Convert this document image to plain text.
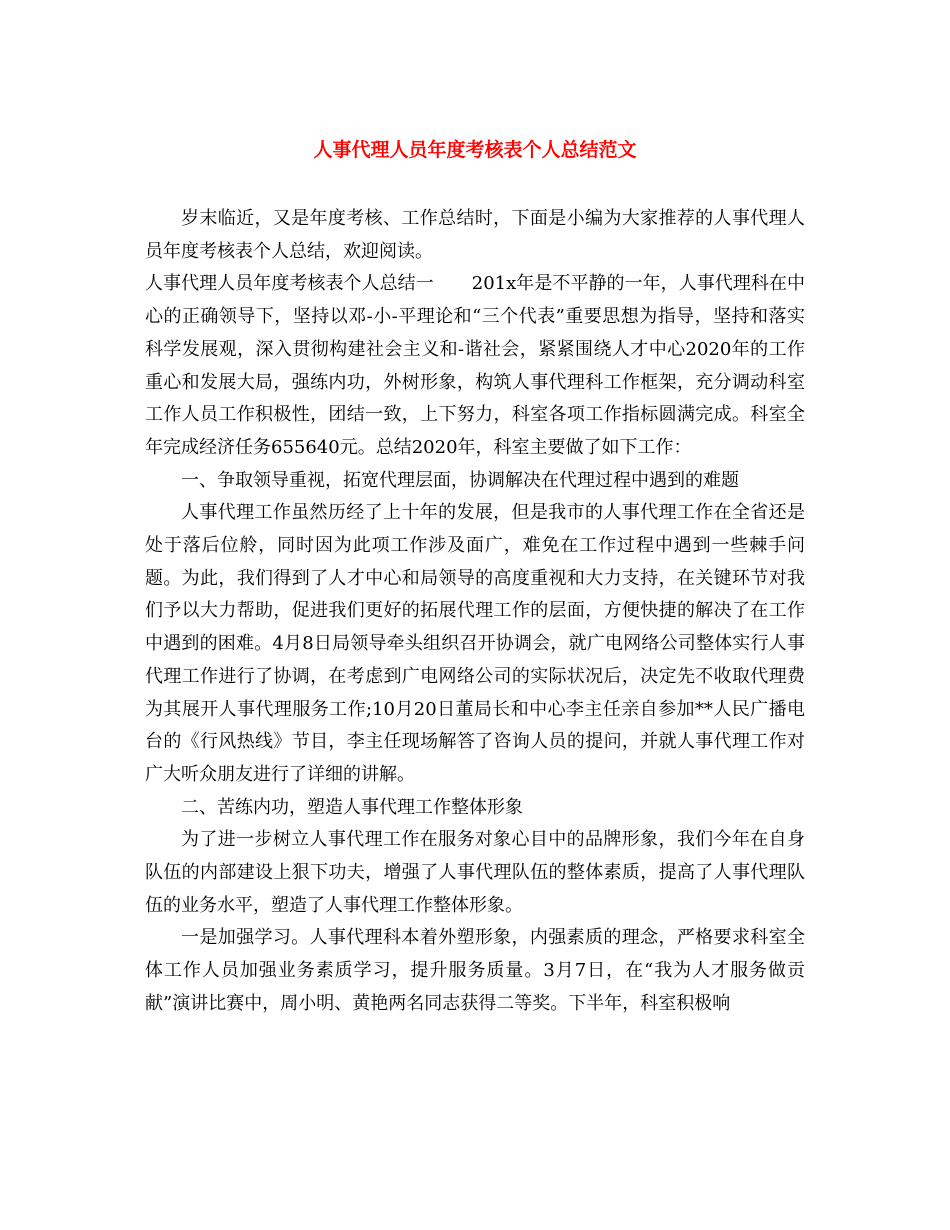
人事代理人员年度考核表个人总结范文

岁末临近，又是年度考核、工作总结时，下面是小编为大家推荐的人事代理人员年度考核表个人总结，欢迎阅读。

人事代理人员年度考核表个人总结一 201x年是不平静的一年，人事代理科在中心的正确领导下，坚持以邓-小-平理论和“三个代表”重要思想为指导，坚持和落实科学发展观，深入贯彻构建社会主义和-谐社会，紧紧围绕人才中心2020年的工作重心和发展大局，强练内功，外树形象，构筑人事代理科工作框架，充分调动科室工作人员工作积极性，团结一致，上下努力，科室各项工作指标圆满完成。科室全年完成经济任务655640元。总结2020年，科室主要做了如下工作：

一、争取领导重视，拓宽代理层面，协调解决在代理过程中遇到的难题

人事代理工作虽然历经了上十年的发展，但是我市的人事代理工作在全省还是处于落后位舲，同时因为此项工作涉及面广，难免在工作过程中遇到一些棘手问题。为此，我们得到了人才中心和局领导的高度重视和大力支持，在关键环节对我们予以大力帮助，促进我们更好的拓展代理工作的层面，方便快捷的解决了在工作中遇到的困难。4月8日局领导牵头组织召开协调会，就广电网络公司整体实行人事代理工作进行了协调，在考虑到广电网络公司的实际状况后，决定先不收取代理费为其展开人事代理服务工作;10月20日董局长和中心李主任亲自参加**人民广播电台的《行风热线》节目，李主任现场解答了咨询人员的提问，并就人事代理工作对广大听众朋友进行了详细的讲解。

二、苦练内功，塑造人事代理工作整体形象

为了进一步树立人事代理工作在服务对象心目中的品牌形象，我们今年在自身队伍的内部建设上狠下功夫，增强了人事代理队伍的整体素质，提高了人事代理队伍的业务水平，塑造了人事代理工作整体形象。

一是加强学习。人事代理科本着外塑形象，内强素质的理念，严格要求科室全体工作人员加强业务素质学习，提升服务质量。3月7日，在“我为人才服务做贡献”演讲比赛中，周小明、黄艳两名同志获得二等奖。下半年，科室积极响
